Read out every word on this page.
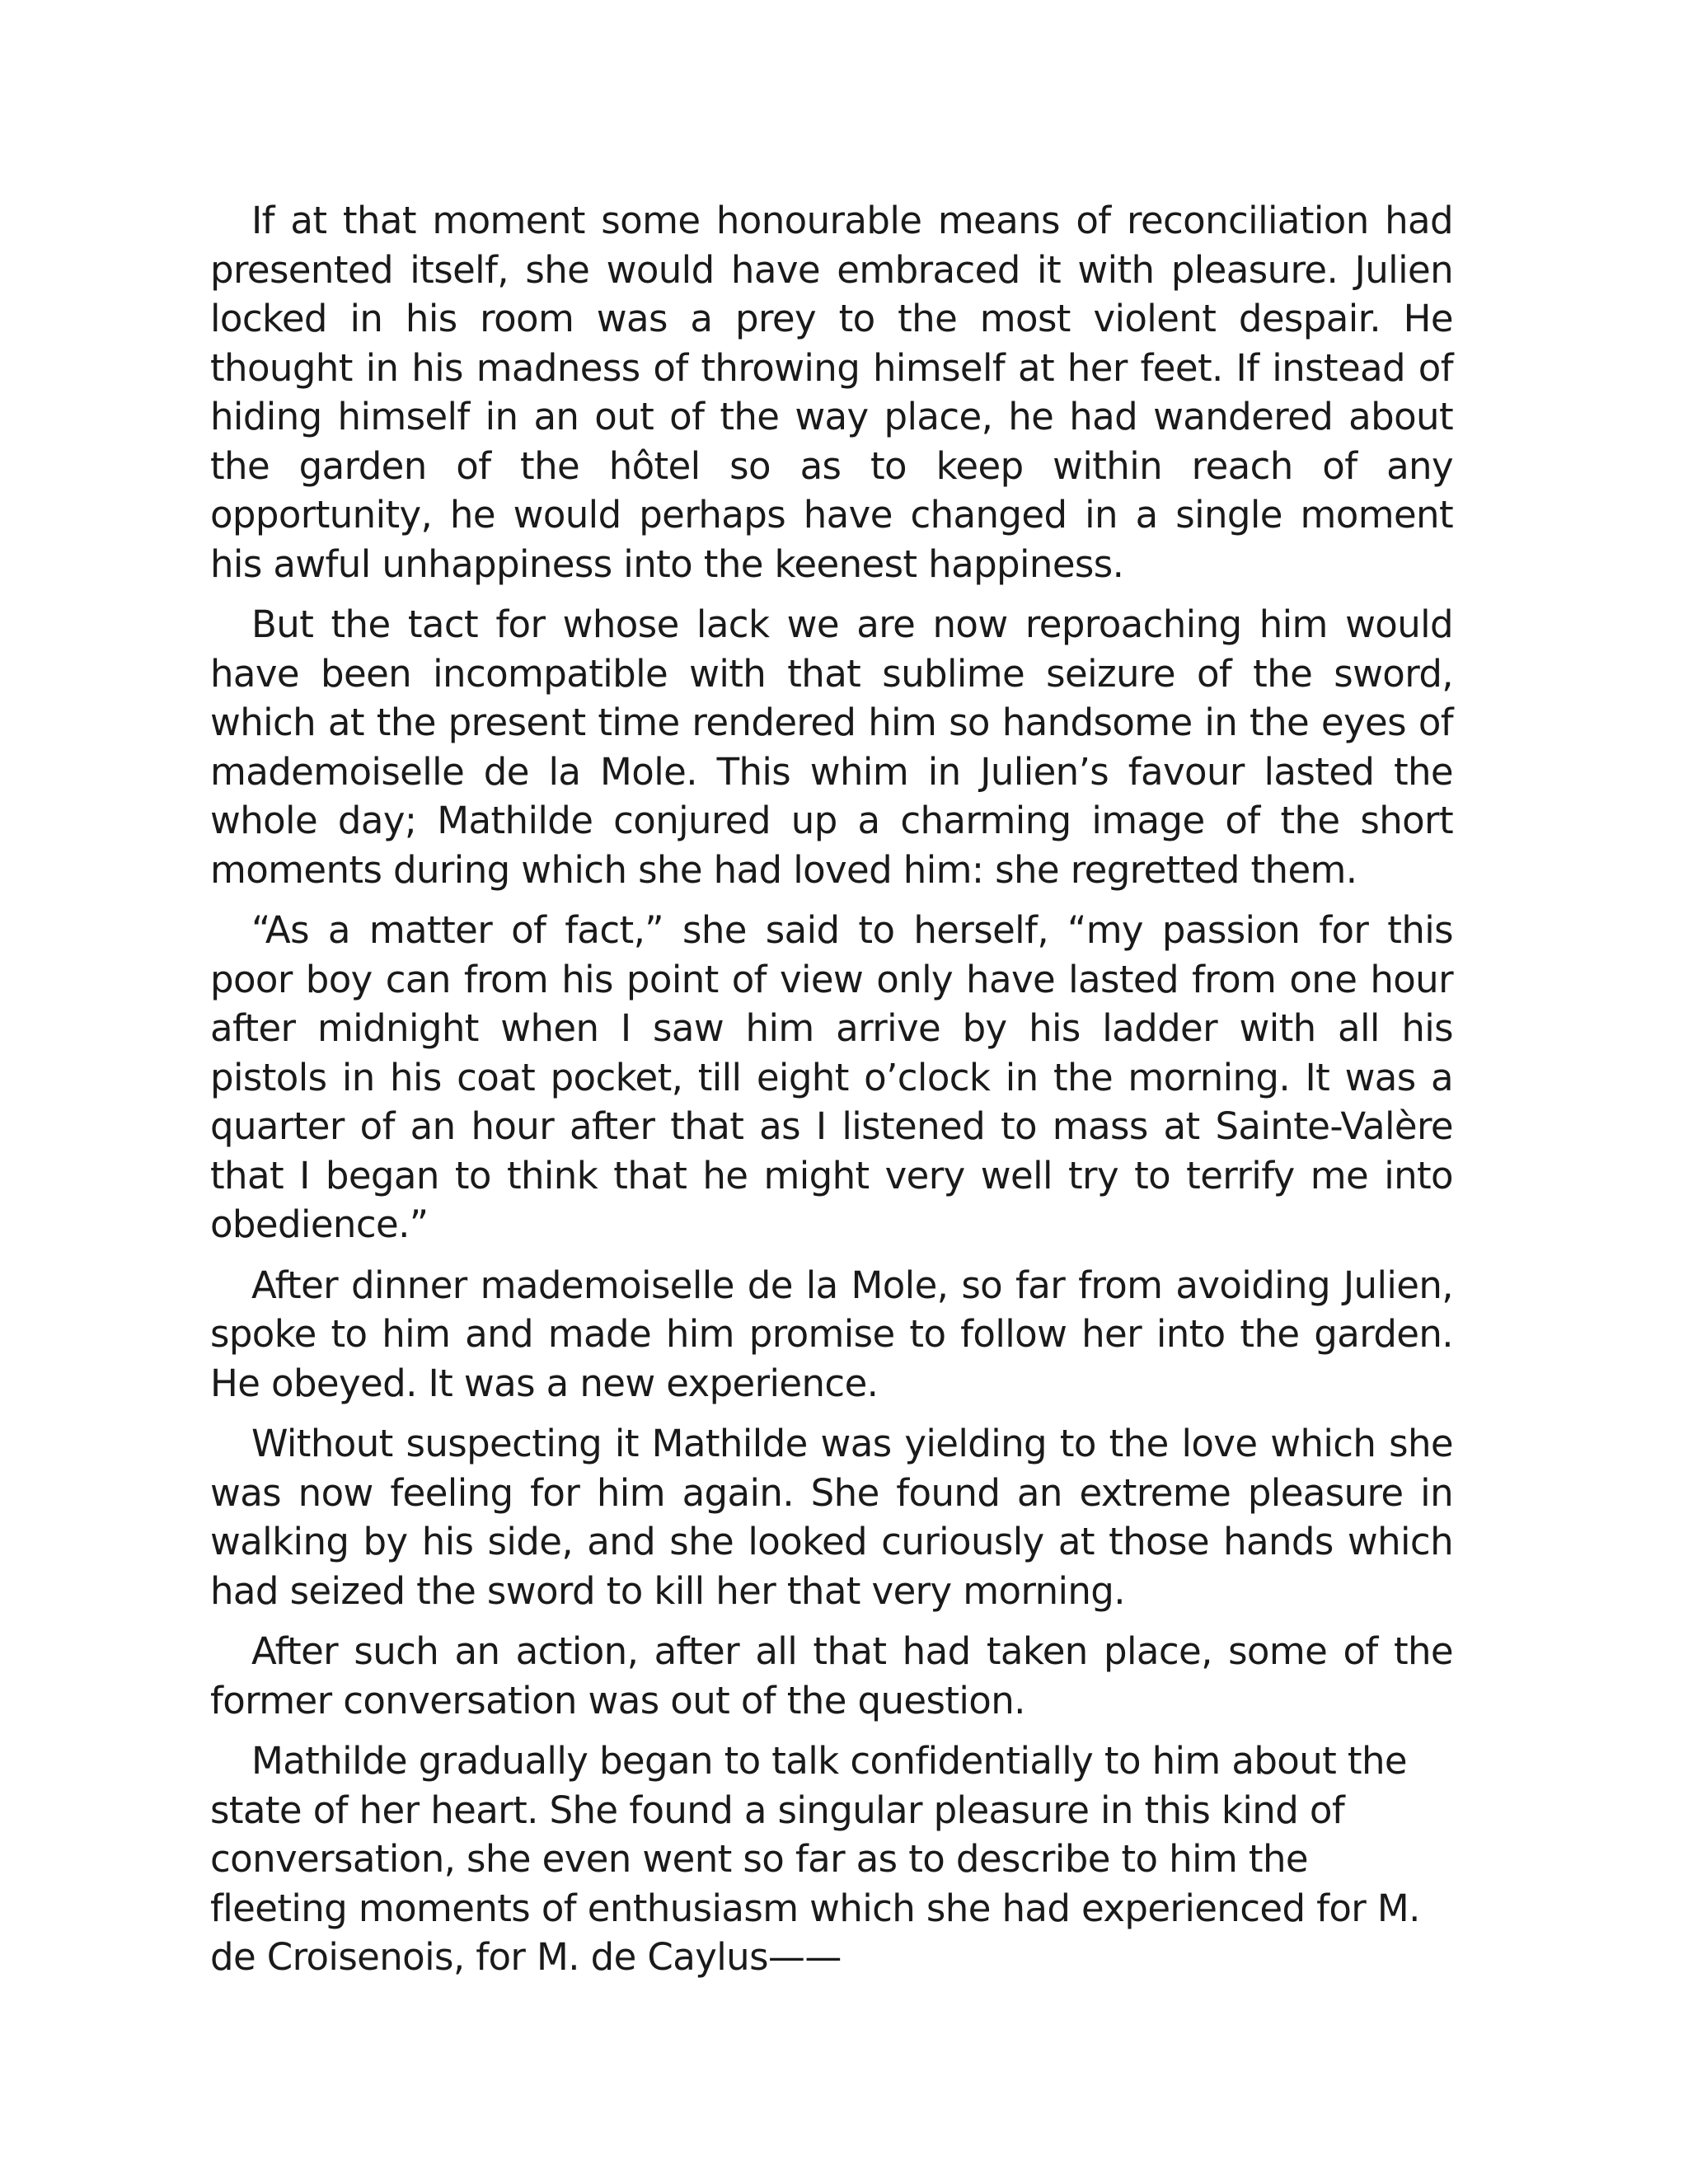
If at that moment some honourable means of reconciliation had presented itself, she would have embraced it with pleasure. Julien locked in his room was a prey to the most violent despair. He thought in his madness of throwing himself at her feet. If instead of hiding himself in an out of the way place, he had wandered about the garden of the hôtel so as to keep within reach of any opportunity, he would perhaps have changed in a single moment his awful unhappiness into the keenest happiness.

But the tact for whose lack we are now reproaching him would have been incompatible with that sublime seizure of the sword, which at the present time rendered him so handsome in the eyes of mademoiselle de la Mole. This whim in Julien’s favour lasted the whole day; Mathilde conjured up a charming image of the short moments during which she had loved him: she regretted them.

“As a matter of fact,” she said to herself, “my passion for this poor boy can from his point of view only have lasted from one hour after midnight when I saw him arrive by his ladder with all his pistols in his coat pocket, till eight o’clock in the morning. It was a quarter of an hour after that as I listened to mass at Sainte-Valère that I began to think that he might very well try to terrify me into obedience.”

After dinner mademoiselle de la Mole, so far from avoiding Julien, spoke to him and made him promise to follow her into the garden. He obeyed. It was a new experience.

Without suspecting it Mathilde was yielding to the love which she was now feeling for him again. She found an extreme pleasure in walking by his side, and she looked curiously at those hands which had seized the sword to kill her that very morning.

After such an action, after all that had taken place, some of the former conversation was out of the question.

Mathilde gradually began to talk confidentially to him about the state of her heart. She found a singular pleasure in this kind of conversation, she even went so far as to describe to him the fleeting moments of enthusiasm which she had experienced for M. de Croisenois, for M. de Caylus——
